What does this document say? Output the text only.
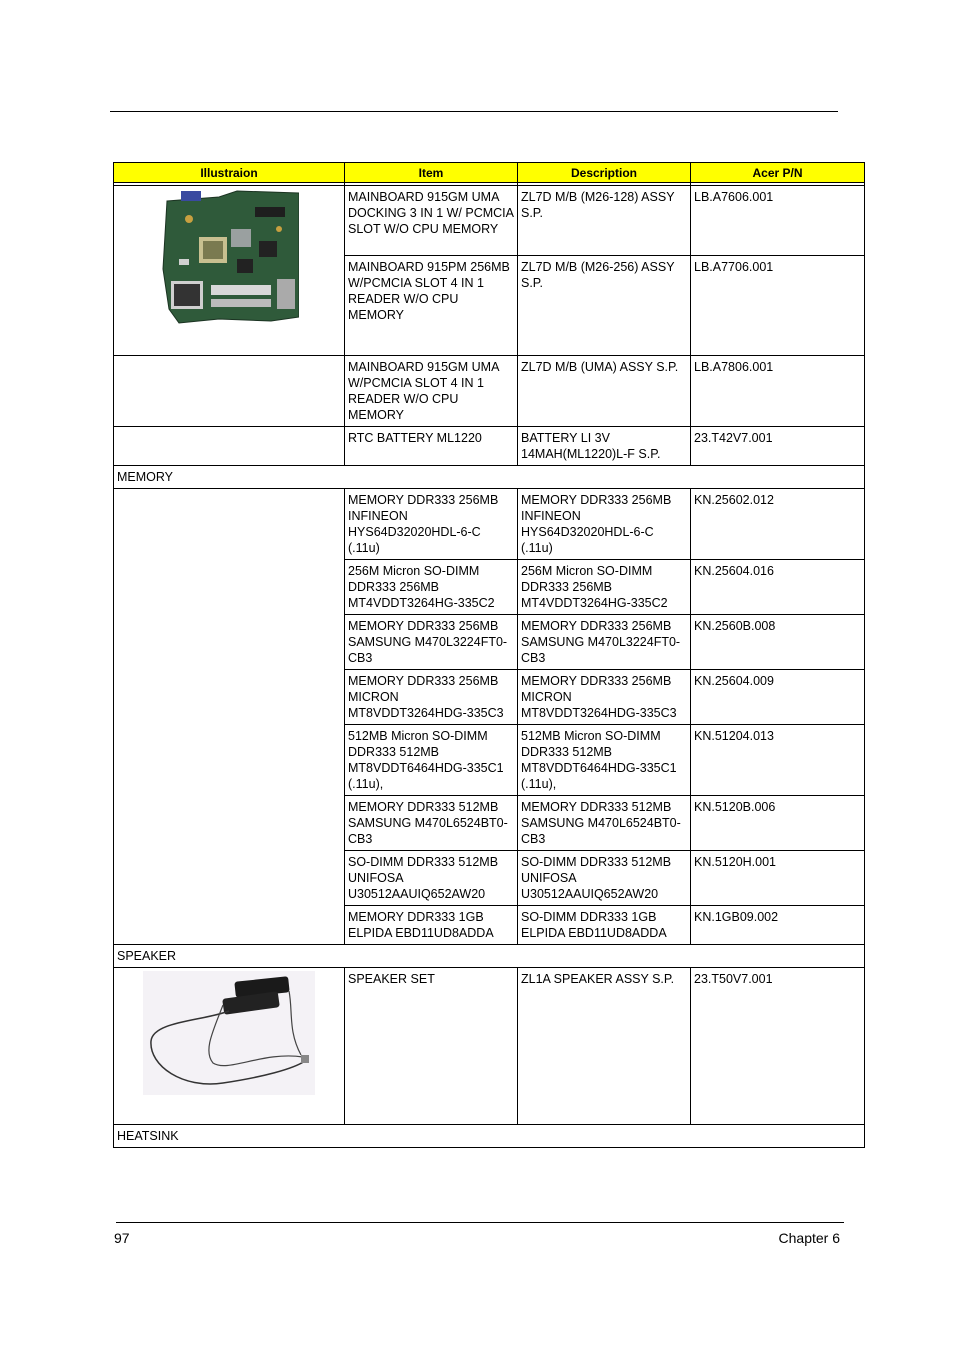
Illustraion	Item	Description	Acer P/N

	MAINBOARD 915GM UMA DOCKING 3 IN 1 W/ PCMCIA SLOT W/O CPU MEMORY	ZL7D M/B (M26-128) ASSY S.P.	LB.A7606.001
	MAINBOARD 915PM 256MB W/PCMCIA SLOT 4 IN 1 READER W/O CPU MEMORY	ZL7D M/B (M26-256) ASSY S.P.	LB.A7706.001
	MAINBOARD 915GM UMA W/PCMCIA SLOT 4 IN 1 READER W/O CPU MEMORY	ZL7D M/B (UMA) ASSY S.P.	LB.A7806.001
	RTC BATTERY ML1220	BATTERY LI 3V 14MAH(ML1220)L-F S.P.	23.T42V7.001
MEMORY			
	MEMORY DDR333 256MB INFINEON HYS64D32020HDL-6-C (.11u)	MEMORY DDR333 256MB INFINEON HYS64D32020HDL-6-C (.11u)	KN.25602.012
	256M Micron SO-DIMM DDR333 256MB MT4VDDT3264HG-335C2	256M Micron SO-DIMM DDR333 256MB MT4VDDT3264HG-335C2	KN.25604.016
	MEMORY DDR333 256MB SAMSUNG M470L3224FT0-CB3	MEMORY DDR333 256MB SAMSUNG M470L3224FT0-CB3	KN.2560B.008
	MEMORY DDR333 256MB MICRON MT8VDDT3264HDG-335C3	MEMORY DDR333 256MB MICRON MT8VDDT3264HDG-335C3	KN.25604.009
	512MB Micron SO-DIMM DDR333 512MB MT8VDDT6464HDG-335C1 (.11u),	512MB Micron SO-DIMM DDR333 512MB MT8VDDT6464HDG-335C1 (.11u),	KN.51204.013
	MEMORY DDR333 512MB SAMSUNG M470L6524BT0-CB3	MEMORY DDR333 512MB SAMSUNG M470L6524BT0-CB3	KN.5120B.006
	SO-DIMM DDR333 512MB UNIFOSA U30512AAUIQ652AW20	SO-DIMM DDR333 512MB UNIFOSA U30512AAUIQ652AW20	KN.5120H.001
	MEMORY DDR333 1GB ELPIDA EBD11UD8ADDA	SO-DIMM DDR333 1GB ELPIDA EBD11UD8ADDA	KN.1GB09.002
SPEAKER			

	SPEAKER SET	ZL1A SPEAKER ASSY S.P.	23.T50V7.001
HEATSINK			
97	Chapter 6
